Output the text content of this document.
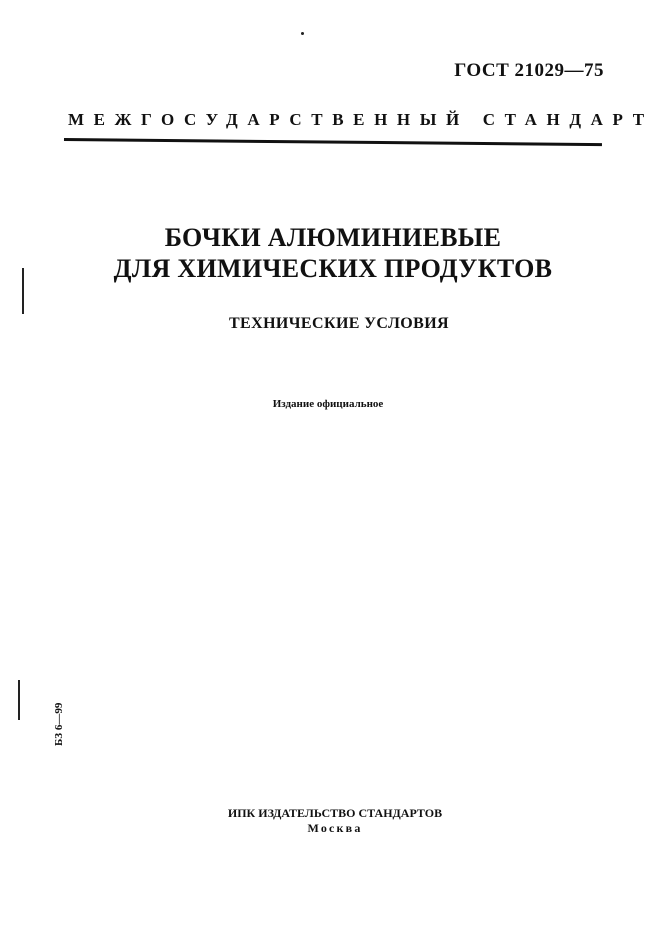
ГОСТ 21029—75
МЕЖГОСУДАРСТВЕННЫЙ СТАНДАРТ
БОЧКИ АЛЮМИНИЕВЫЕ
ДЛЯ ХИМИЧЕСКИХ ПРОДУКТОВ
ТЕХНИЧЕСКИЕ УСЛОВИЯ
Издание официальное
БЗ 6—99
ИПК ИЗДАТЕЛЬСТВО СТАНДАРТОВ
Москва
